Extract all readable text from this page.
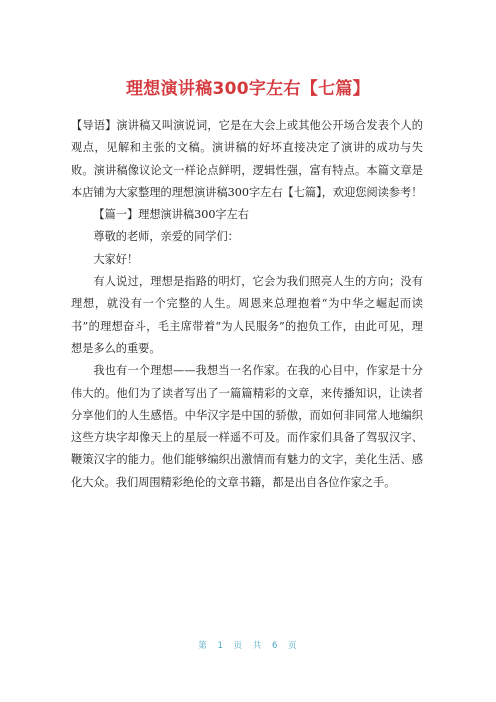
理想演讲稿300字左右【七篇】

【导语】演讲稿又叫演说词，它是在大会上或其他公开场合发表个人的观点，见解和主张的文稿。演讲稿的好坏直接决定了演讲的成功与失败。演讲稿像议论文一样论点鲜明，逻辑性强，富有特点。本篇文章是本店铺为大家整理的理想演讲稿300字左右【七篇】，欢迎您阅读参考！

【篇一】理想演讲稿300字左右

尊敬的老师，亲爱的同学们：

大家好！

有人说过，理想是指路的明灯，它会为我们照亮人生的方向；没有理想，就没有一个完整的人生。周恩来总理抱着“为中华之崛起而读书”的理想奋斗，毛主席带着“为人民服务”的抱负工作，由此可见，理想是多么的重要。

我也有一个理想——我想当一名作家。在我的心目中，作家是十分伟大的。他们为了读者写出了一篇篇精彩的文章，来传播知识，让读者分享他们的人生感悟。中华汉字是中国的骄傲，而如何非同常人地编织这些方块字却像天上的星辰一样遥不可及。而作家们具备了驾驭汉字、鞭策汉字的能力。他们能够编织出激情而有魅力的文字，美化生活、感化大众。我们周围精彩绝伦的文章书籍，都是出自各位作家之手。

第 1 页 共 6 页
